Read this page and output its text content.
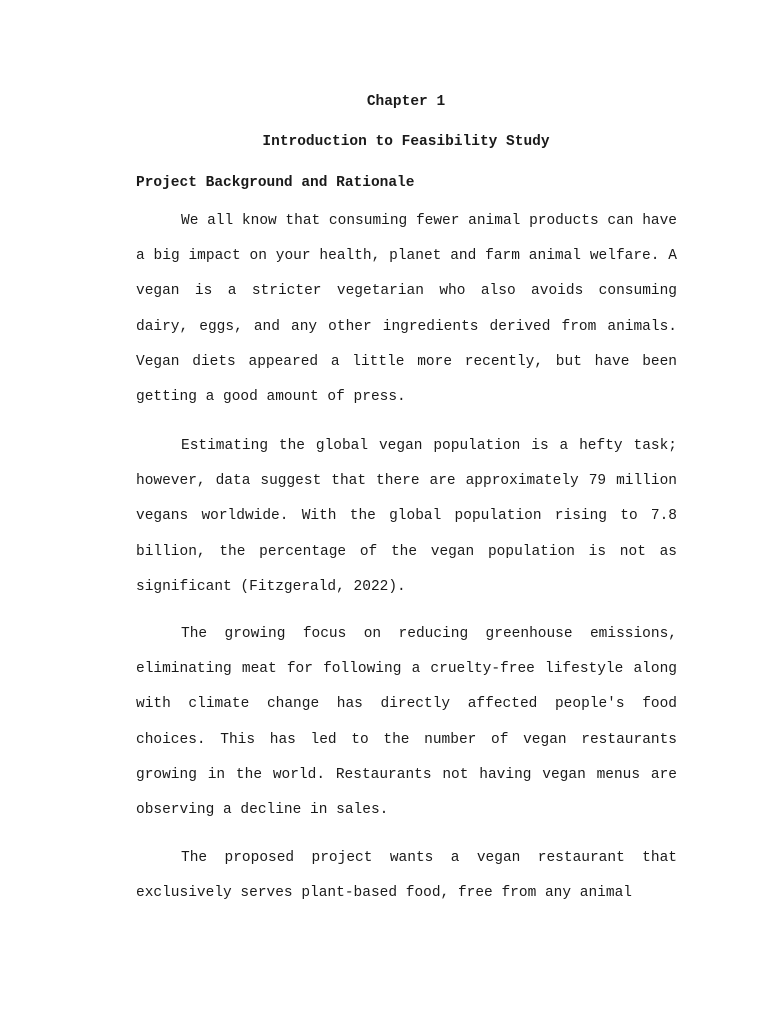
Chapter 1
Introduction to Feasibility Study
Project Background and Rationale

We all know that consuming fewer animal products can have a big impact on your health, planet and farm animal welfare. A vegan is a stricter vegetarian who also avoids consuming dairy, eggs, and any other ingredients derived from animals. Vegan diets appeared a little more recently, but have been getting a good amount of press.

Estimating the global vegan population is a hefty task; however, data suggest that there are approximately 79 million vegans worldwide. With the global population rising to 7.8 billion, the percentage of the vegan population is not as significant (Fitzgerald, 2022).

The growing focus on reducing greenhouse emissions, eliminating meat for following a cruelty-free lifestyle along with climate change has directly affected people's food choices. This has led to the number of vegan restaurants growing in the world. Restaurants not having vegan menus are observing a decline in sales.

The proposed project wants a vegan restaurant that exclusively serves plant-based food, free from any animal
